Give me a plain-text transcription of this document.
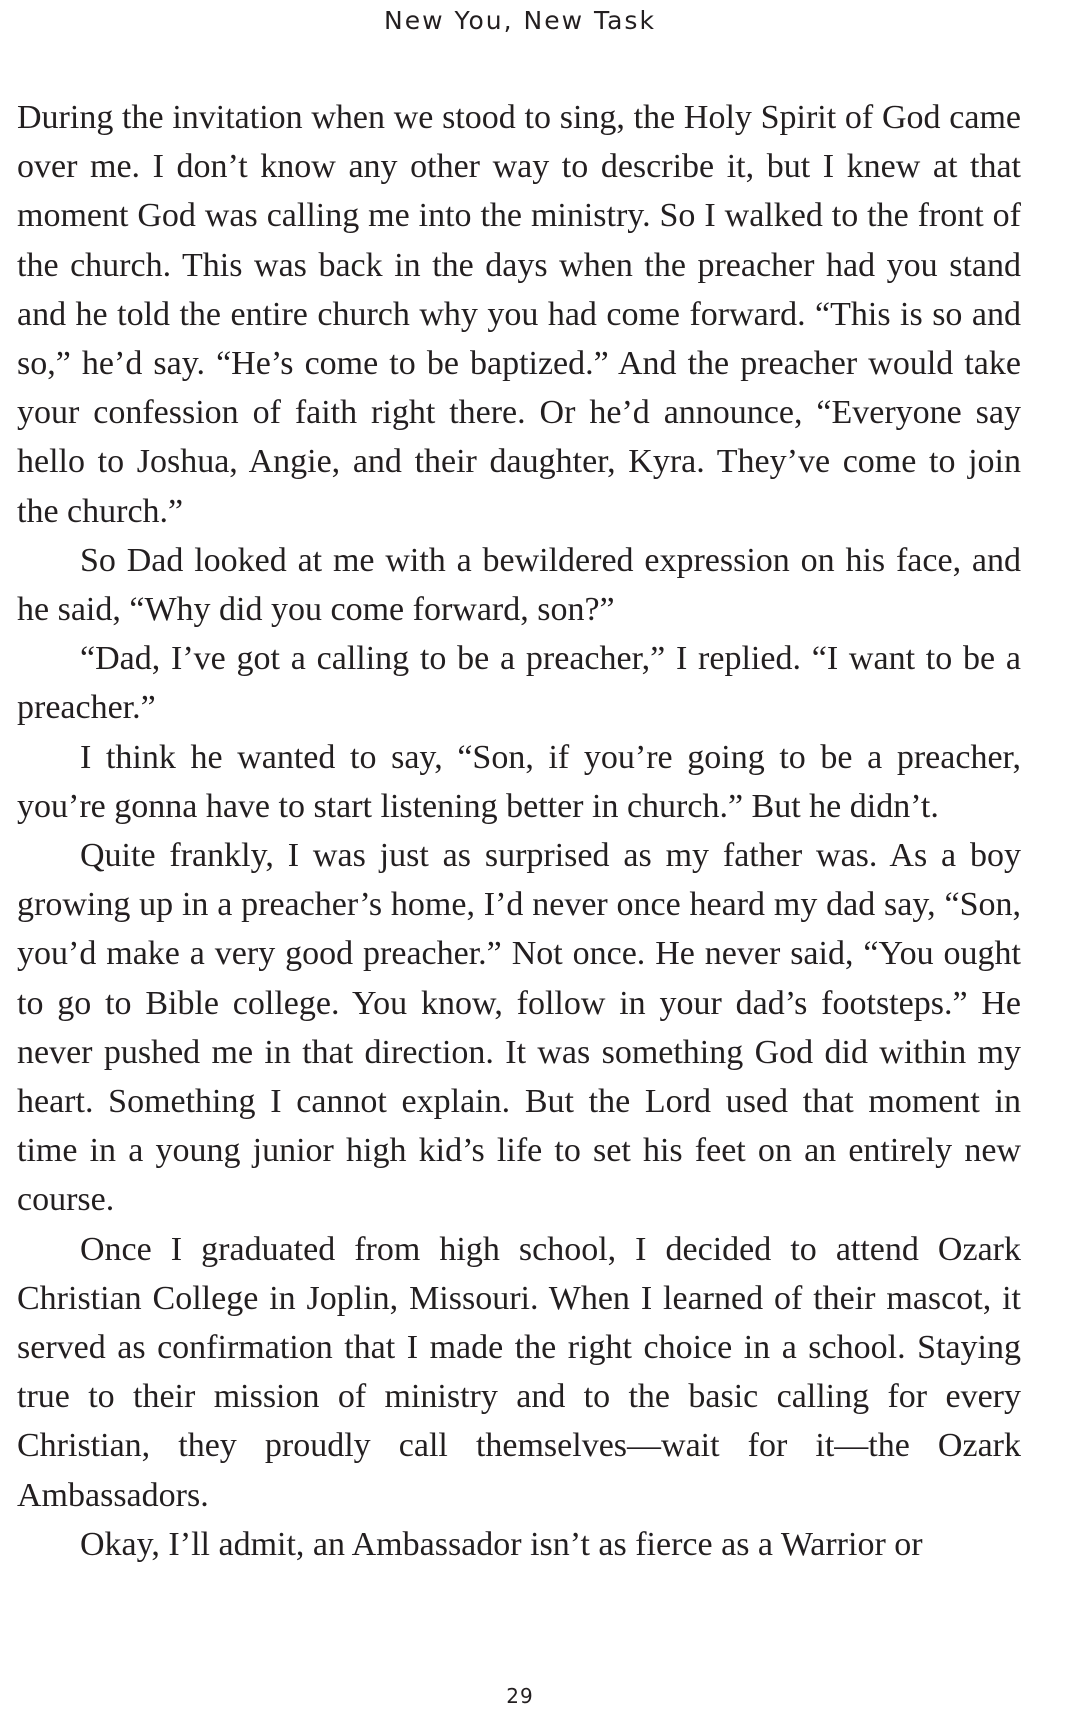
New You, New Task

During the invitation when we stood to sing, the Holy Spirit of God came over me. I don’t know any other way to describe it, but I knew at that moment God was calling me into the ministry. So I walked to the front of the church. This was back in the days when the preacher had you stand and he told the entire church why you had come forward. “This is so and so,” he’d say. “He’s come to be baptized.” And the preacher would take your confession of faith right there. Or he’d announce, “Everyone say hello to Joshua, Angie, and their daughter, Kyra. They’ve come to join the church.”

So Dad looked at me with a bewildered expression on his face, and he said, “Why did you come forward, son?”

“Dad, I’ve got a calling to be a preacher,” I replied. “I want to be a preacher.”

I think he wanted to say, “Son, if you’re going to be a preacher, you’re gonna have to start listening better in church.” But he didn’t.

Quite frankly, I was just as surprised as my father was. As a boy growing up in a preacher’s home, I’d never once heard my dad say, “Son, you’d make a very good preacher.” Not once. He never said, “You ought to go to Bible college. You know, follow in your dad’s footsteps.” He never pushed me in that direction. It was something God did within my heart. Something I cannot explain. But the Lord used that moment in time in a young junior high kid’s life to set his feet on an entirely new course.

Once I graduated from high school, I decided to attend Ozark Christian College in Joplin, Missouri. When I learned of their mascot, it served as confirmation that I made the right choice in a school. Staying true to their mission of ministry and to the basic calling for every Christian, they proudly call themselves—wait for it—the Ozark Ambassadors.

Okay, I’ll admit, an Ambassador isn’t as fierce as a Warrior or

29
